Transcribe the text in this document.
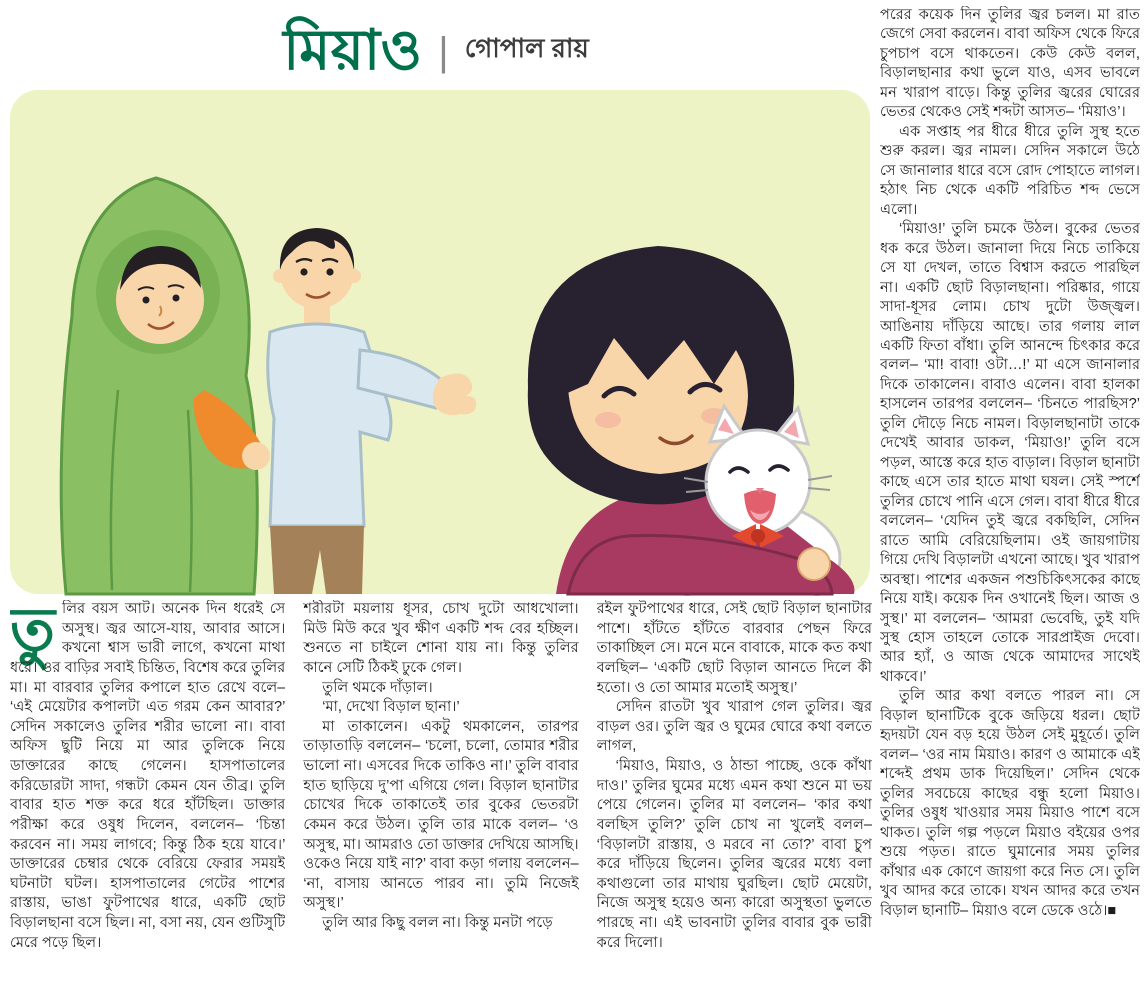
মিয়াও | গোপাল রায়

তুলির বয়স আট। অনেক দিন ধরেই সে অসুস্থ। জ্বর আসে-যায়, আবার আসে। কখনো শ্বাস ভারী লাগে, কখনো মাথা ধরে। ওর বাড়ির সবাই চিন্তিত, বিশেষ করে তুলির মা। মা বারবার তুলির কপালে হাত রেখে বলে– ‘এই মেয়েটার কপালটা এত গরম কেন আবার?’ সেদিন সকালেও তুলির শরীর ভালো না। বাবা অফিস ছুটি নিয়ে মা আর তুলিকে নিয়ে ডাক্তারের কাছে গেলেন। হাসপাতালের করিডোরটা সাদা, গন্ধটা কেমন যেন তীব্র। তুলি বাবার হাত শক্ত করে ধরে হাঁটছিল। ডাক্তার পরীক্ষা করে ওষুধ দিলেন, বললেন– ‘চিন্তা করবেন না। সময় লাগবে; কিন্তু ঠিক হয়ে যাবে।’ ডাক্তারের চেম্বার থেকে বেরিয়ে ফেরার সময়ই ঘটনাটা ঘটল। হাসপাতালের গেটের পাশের রাস্তায়, ভাঙা ফুটপাথের ধারে, একটি ছোট বিড়ালছানা বসে ছিল। না, বসা নয়, যেন গুটিসুটি মেরে পড়ে ছিল।

শরীরটা ময়লায় ধূসর, চোখ দুটো আধখোলা। মিউ মিউ করে খুব ক্ষীণ একটি শব্দ বের হচ্ছিল। শুনতে না চাইলে শোনা যায় না। কিন্তু তুলির কানে সেটি ঠিকই ঢুকে গেল।

তুলি থমকে দাঁড়াল।

‘মা, দেখো বিড়াল ছানা।’

মা তাকালেন। একটু থমকালেন, তারপর তাড়াতাড়ি বললেন– ‘চলো, চলো, তোমার শরীর ভালো না। এসবের দিকে তাকিও না।’ তুলি বাবার হাত ছাড়িয়ে দু’পা এগিয়ে গেল। বিড়াল ছানাটার চোখের দিকে তাকাতেই তার বুকের ভেতরটা কেমন করে উঠল। তুলি তার মাকে বলল– ‘ও অসুস্থ, মা। আমরাও তো ডাক্তার দেখিয়ে আসছি। ওকেও নিয়ে যাই না?’ বাবা কড়া গলায় বললেন– ‘না, বাসায় আনতে পারব না। তুমি নিজেই অসুস্থ।’

তুলি আর কিছু বলল না। কিন্তু মনটা পড়ে

রইল ফুটপাথের ধারে, সেই ছোট বিড়াল ছানাটার পাশে। হাঁটতে হাঁটতে বারবার পেছন ফিরে তাকাচ্ছিল সে। মনে মনে বাবাকে, মাকে কত কথা বলছিল– ‘একটি ছোট বিড়াল আনতে দিলে কী হতো। ও তো আমার মতোই অসুস্থ।’

সেদিন রাতটা খুব খারাপ গেল তুলির। জ্বর বাড়ল ওর। তুলি জ্বর ও ঘুমের ঘোরে কথা বলতে লাগল,

‘মিয়াও, মিয়াও, ও ঠান্ডা পাচ্ছে, ওকে কাঁথা দাও।’ তুলির ঘুমের মধ্যে এমন কথা শুনে মা ভয় পেয়ে গেলেন। তুলির মা বললেন– ‘কার কথা বলছিস তুলি?’ তুলি চোখ না খুলেই বলল– ‘বিড়ালটা রাস্তায়, ও মরবে না তো?’ বাবা চুপ করে দাঁড়িয়ে ছিলেন। তুলির জ্বরের মধ্যে বলা কথাগুলো তার মাথায় ঘুরছিল। ছোট মেয়েটা, নিজে অসুস্থ হয়েও অন্য কারো অসুস্থতা ভুলতে পারছে না। এই ভাবনাটা তুলির বাবার বুক ভারী করে দিলো।

পরের কয়েক দিন তুলির জ্বর চলল। মা রাত জেগে সেবা করলেন। বাবা অফিস থেকে ফিরে চুপচাপ বসে থাকতেন। কেউ কেউ বলল, বিড়ালছানার কথা ভুলে যাও, এসব ভাবলে মন খারাপ বাড়ে। কিন্তু তুলির জ্বরের ঘোরের ভেতর থেকেও সেই শব্দটা আসত– ‘মিয়াও’।

এক সপ্তাহ পর ধীরে ধীরে তুলি সুস্থ হতে শুরু করল। জ্বর নামল। সেদিন সকালে উঠে সে জানালার ধারে বসে রোদ পোহাতে লাগল। হঠাৎ নিচ থেকে একটি পরিচিত শব্দ ভেসে এলো।

‘মিয়াও!’ তুলি চমকে উঠল। বুকের ভেতর ধক করে উঠল। জানালা দিয়ে নিচে তাকিয়ে সে যা দেখল, তাতে বিশ্বাস করতে পারছিল না। একটি ছোট বিড়ালছানা। পরিষ্কার, গায়ে সাদা-ধূসর লোম। চোখ দুটো উজ্জ্বল। আঙিনায় দাঁড়িয়ে আছে। তার গলায় লাল একটি ফিতা বাঁধা। তুলি আনন্দে চিৎকার করে বলল– ‘মা! বাবা! ওটা…!’ মা এসে জানালার দিকে তাকালেন। বাবাও এলেন। বাবা হালকা হাসলেন তারপর বললেন– ‘চিনতে পারছিস?’ তুলি দৌড়ে নিচে নামল। বিড়ালছানাটা তাকে দেখেই আবার ডাকল, ‘মিয়াও!’ তুলি বসে পড়ল, আস্তে করে হাত বাড়াল। বিড়াল ছানাটা কাছে এসে তার হাতে মাথা ঘষল। সেই স্পর্শে তুলির চোখে পানি এসে গেল। বাবা ধীরে ধীরে বললেন– ‘যেদিন তুই জ্বরে বকছিলি, সেদিন রাতে আমি বেরিয়েছিলাম। ওই জায়গাটায় গিয়ে দেখি বিড়ালটা এখনো আছে। খুব খারাপ অবস্থা। পাশের একজন পশুচিকিৎসকের কাছে নিয়ে যাই। কয়েক দিন ওখানেই ছিল। আজ ও সুস্থ।’ মা বললেন– ‘আমরা ভেবেছি, তুই যদি সুস্থ হোস তাহলে তোকে সারপ্রাইজ দেবো। আর হ্যাঁ, ও আজ থেকে আমাদের সাথেই থাকবে।’

তুলি আর কথা বলতে পারল না। সে বিড়াল ছানাটিকে বুকে জড়িয়ে ধরল। ছোট হৃদয়টা যেন বড় হয়ে উঠল সেই মুহূর্তে। তুলি বলল– ‘ওর নাম মিয়াও। কারণ ও আমাকে এই শব্দেই প্রথম ডাক দিয়েছিল।’ সেদিন থেকে তুলির সবচেয়ে কাছের বন্ধু হলো মিয়াও। তুলির ওষুধ খাওয়ার সময় মিয়াও পাশে বসে থাকত। তুলি গল্প পড়লে মিয়াও বইয়ের ওপর শুয়ে পড়ত। রাতে ঘুমানোর সময় তুলির কাঁথার এক কোণে জায়গা করে নিত সে। তুলি খুব আদর করে তাকে। যখন আদর করে তখন বিড়াল ছানাটি– মিয়াও বলে ডেকে ওঠে।■
